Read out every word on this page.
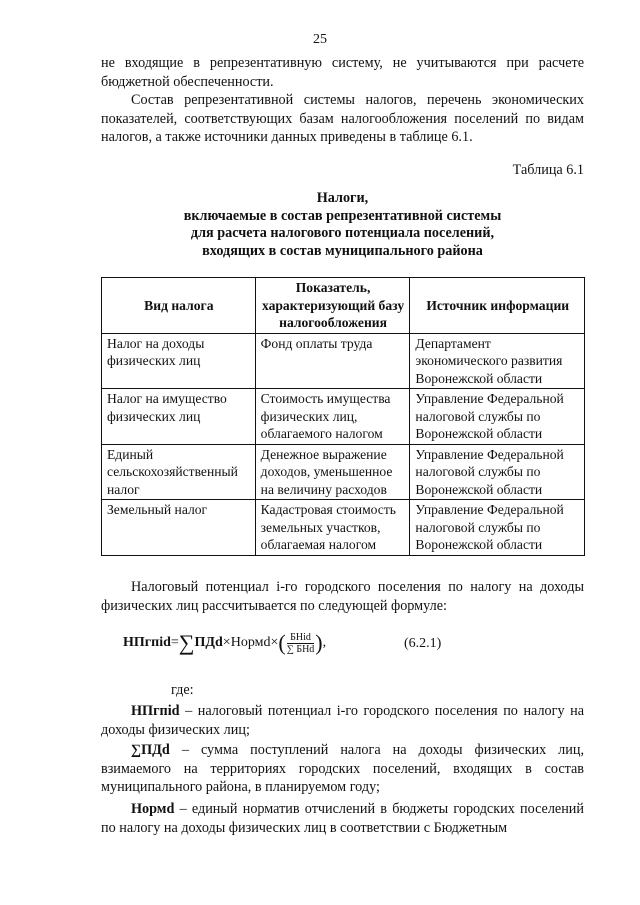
25

не входящие в репрезентативную систему, не учитываются при расчете бюджетной обеспеченности.

Состав репрезентативной системы налогов, перечень экономических показателей, соответствующих базам налогообложения поселений по видам налогов, а также источники данных приведены в таблице 6.1.

Таблица 6.1
Налоги,
включаемые в состав репрезентативной системы
для расчета налогового потенциала поселений,
входящих в состав муниципального района
Вид налога	Показатель, характеризующий базу налогообложения	Источник информации
Налог на доходы физических лиц	Фонд оплаты труда	Департамент экономического развития Воронежской области
Налог на имущество физических лиц	Стоимость имущества физических лиц, облагаемого налогом	Управление Федеральной налоговой службы по Воронежской области
Единый сельскохозяйственный налог	Денежное выражение доходов, уменьшенное на величину расходов	Управление Федеральной налоговой службы по Воронежской области
Земельный налог	Кадастровая стоимость земельных участков, облагаемая налогом	Управление Федеральной налоговой службы по Воронежской области

Налоговый потенциал i-го городского поселения по налогу на доходы физических лиц рассчитывается по следующей формуле:

НПгпid=∑ПДd×Нормd×( $\frac{\text{БНid}}{\text{∑ БНd}}$ ),	(6.2.1)
где:

НПгпid – налоговый потенциал i-го городского поселения по налогу на доходы физических лиц;

∑ПДd – сумма поступлений налога на доходы физических лиц, взимаемого на территориях городских поселений, входящих в состав муниципального района, в планируемом году;

Нормd – единый норматив отчислений в бюджеты городских поселений по налогу на доходы физических лиц в соответствии с Бюджетным
